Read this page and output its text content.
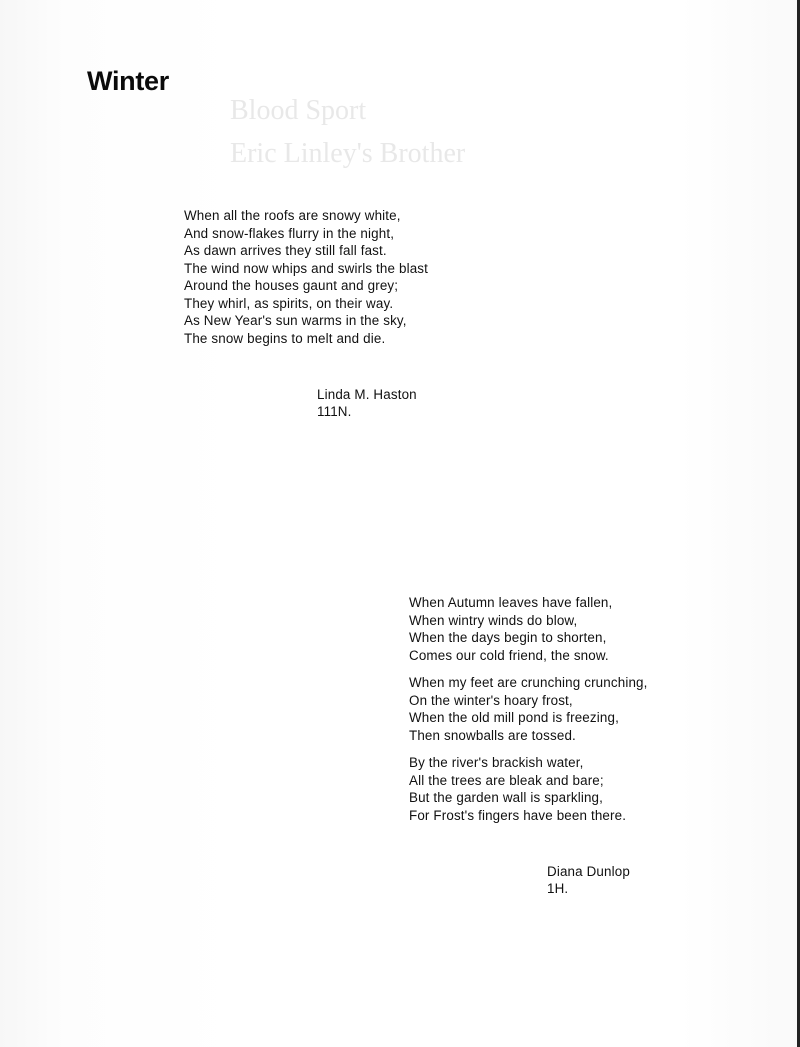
Blood Sport
Eric Linley's Brother
Winter
When all the roofs are snowy white,
And snow-flakes flurry in the night,
As dawn arrives they still fall fast.
The wind now whips and swirls the blast
Around the houses gaunt and grey;
They whirl, as spirits, on their way.
As New Year's sun warms in the sky,
The snow begins to melt and die.
Linda M. Haston
111N.
When Autumn leaves have fallen,
When wintry winds do blow,
When the days begin to shorten,
Comes our cold friend, the snow.
When my feet are crunching crunching,
On the winter's hoary frost,
When the old mill pond is freezing,
Then snowballs are tossed.
By the river's brackish water,
All the trees are bleak and bare;
But the garden wall is sparkling,
For Frost's fingers have been there.
Diana Dunlop
1H.
